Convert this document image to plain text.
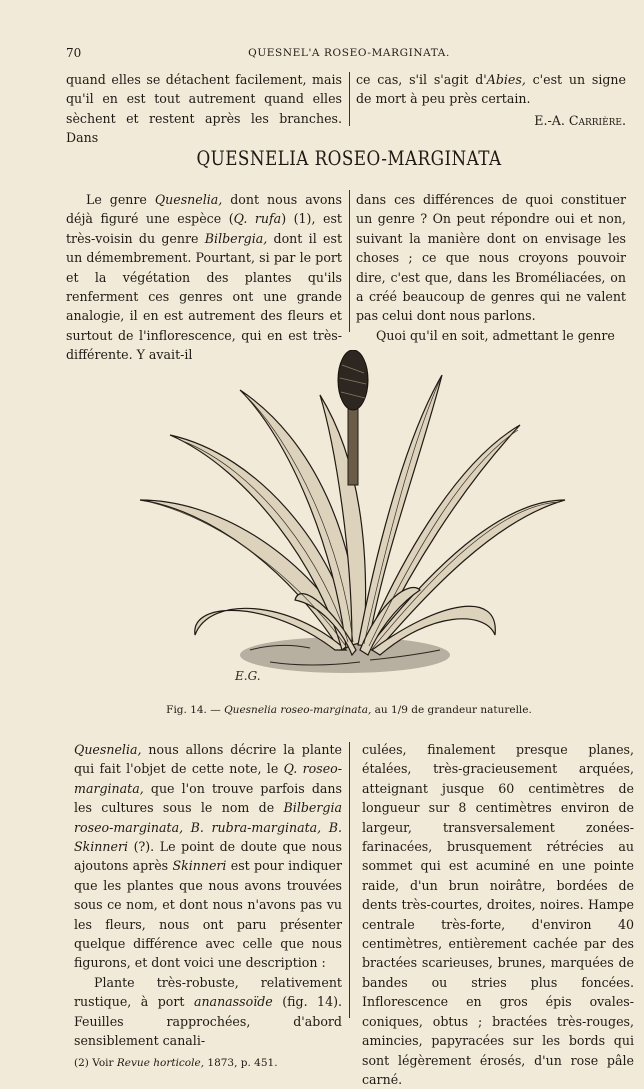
70	QUESNEL'A ROSEO-MARGINATA.

quand elles se détachent facilement, mais qu'il en est tout autrement quand elles sèchent et restent après les branches. Dans

ce cas, s'il s'agit d'Abies, c'est un signe de mort à peu près certain.

E.-A. Carrière.

QUESNELIA ROSEO-MARGINATA

Le genre Quesnelia, dont nous avons déjà figuré une espèce (Q. rufa) (1), est très-voisin du genre Bilbergia, dont il est un démembrement. Pourtant, si par le port et la végétation des plantes qu'ils renferment ces genres ont une grande analogie, il en est autrement des fleurs et surtout de l'inflorescence, qui en est très-différente. Y avait-il

dans ces différences de quoi constituer un genre ? On peut répondre oui et non, suivant la manière dont on envisage les choses ; ce que nous croyons pouvoir dire, c'est que, dans les Broméliacées, on a créé beaucoup de genres qui ne valent pas celui dont nous parlons.

Quoi qu'il en soit, admettant le genre

E.G.
Fig. 14. — Quesnelia roseo-marginata, au 1/9 de grandeur naturelle.

Quesnelia, nous allons décrire la plante qui fait l'objet de cette note, le Q. roseo-marginata, que l'on trouve parfois dans les cultures sous le nom de Bilbergia roseo-marginata, B. rubra-marginata, B. Skinneri (?). Le point de doute que nous ajoutons après Skinneri est pour indiquer que les plantes que nous avons trouvées sous ce nom, et dont nous n'avons pas vu les fleurs, nous ont paru présenter quelque différence avec celle que nous figurons, et dont voici une description :

Plante très-robuste, relativement rustique, à port ananassoïde (fig. 14). Feuilles rapprochées, d'abord sensiblement canali-

(2) Voir Revue horticole, 1873, p. 451.

culées, finalement presque planes, étalées, très-gracieusement arquées, atteignant jusque 60 centimètres de longueur sur 8 centimètres environ de largeur, transversalement zonées-farinacées, brusquement rétrécies au sommet qui est acuminé en une pointe raide, d'un brun noirâtre, bordées de dents très-courtes, droites, noires. Hampe centrale très-forte, d'environ 40 centimètres, entièrement cachée par des bractées scarieuses, brunes, marquées de bandes ou stries plus foncées. Inflorescence en gros épis ovales-coniques, obtus ; bractées très-rouges, amincies, papyracées sur les bords qui sont légèrement érosés, d'un rose pâle carné.
